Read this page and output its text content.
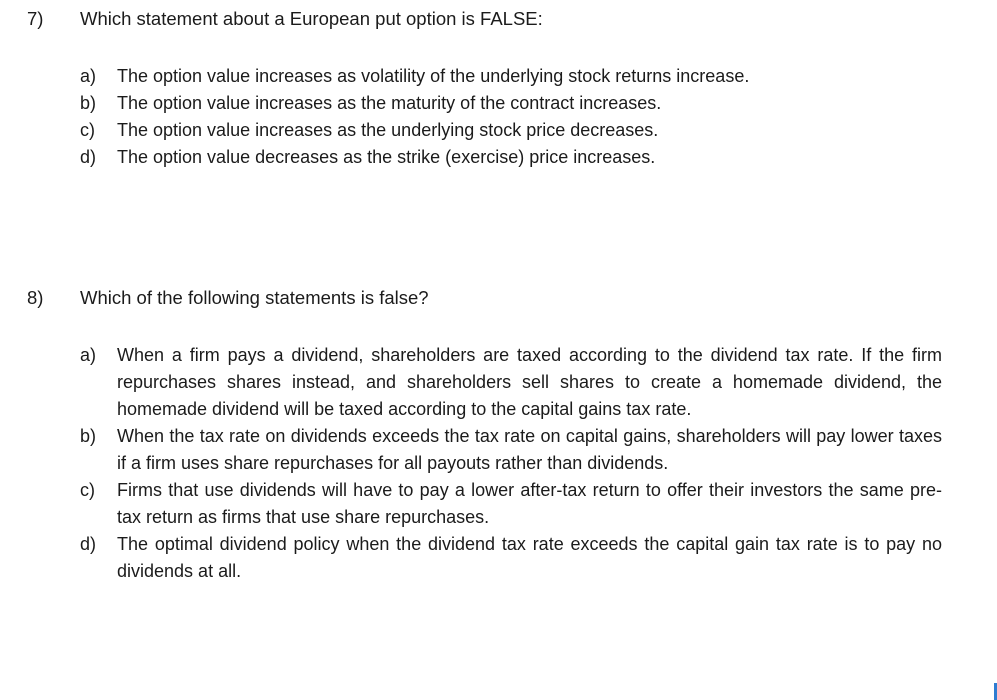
7) Which statement about a European put option is FALSE:
a) The option value increases as volatility of the underlying stock returns increase.
b) The option value increases as the maturity of the contract increases.
c) The option value increases as the underlying stock price decreases.
d) The option value decreases as the strike (exercise) price increases.
8) Which of the following statements is false?
a) When a firm pays a dividend, shareholders are taxed according to the dividend tax rate. If the firm repurchases shares instead, and shareholders sell shares to create a homemade dividend, the homemade dividend will be taxed according to the capital gains tax rate.
b) When the tax rate on dividends exceeds the tax rate on capital gains, shareholders will pay lower taxes if a firm uses share repurchases for all payouts rather than dividends.
c) Firms that use dividends will have to pay a lower after-tax return to offer their investors the same pre-tax return as firms that use share repurchases.
d) The optimal dividend policy when the dividend tax rate exceeds the capital gain tax rate is to pay no dividends at all.
